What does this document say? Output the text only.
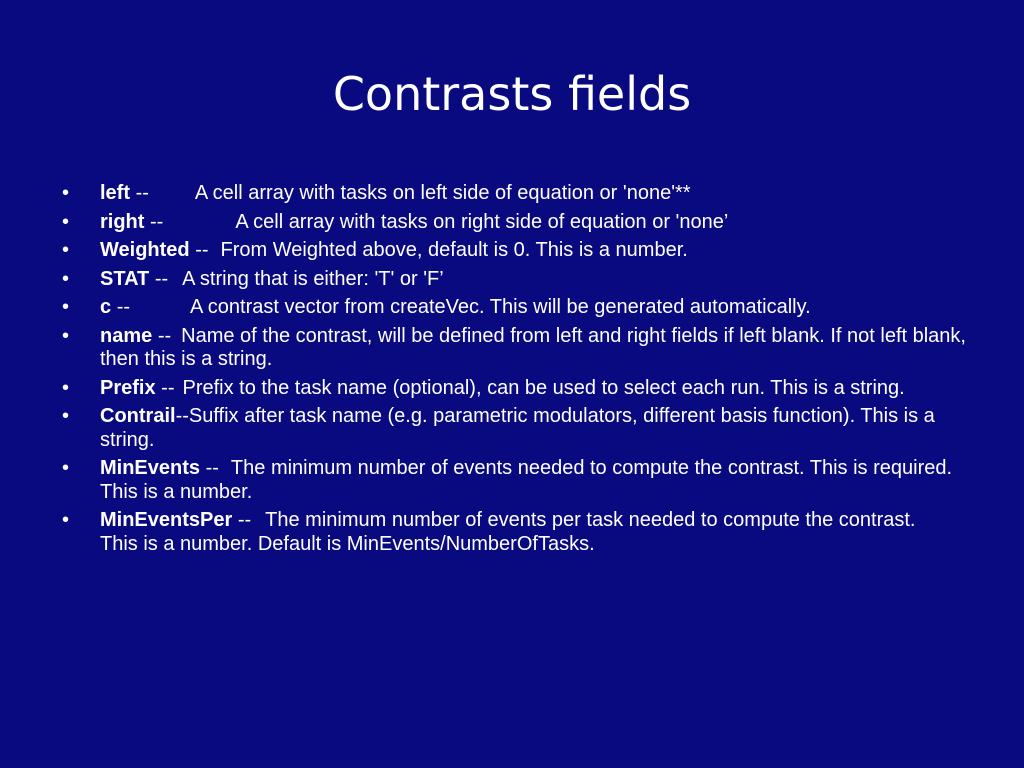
Contrasts fields
• left -- A cell array with tasks on left side of equation or 'none'**
• right --	A cell array with tasks on right side of equation or 'none’
• Weighted -- From Weighted above, default is 0. This is a number.
• STAT -- A string that is either: 'T' or 'F’
• c --	A contrast vector from createVec. This will be generated automatically.
• name -- Name of the contrast, will be defined from left and right fields if left blank. If not left blank, then this is a string.
• Prefix -- Prefix to the task name (optional), can be used to select each run. This is a string.
• Contrail--Suffix after task name (e.g. parametric modulators, different basis function). This is a string.
• MinEvents -- The minimum number of events needed to compute the contrast. This is required. This is a number.
• MinEventsPer -- The minimum number of events per task needed to compute the contrast.      This is a number. Default is MinEvents/NumberOfTasks.
